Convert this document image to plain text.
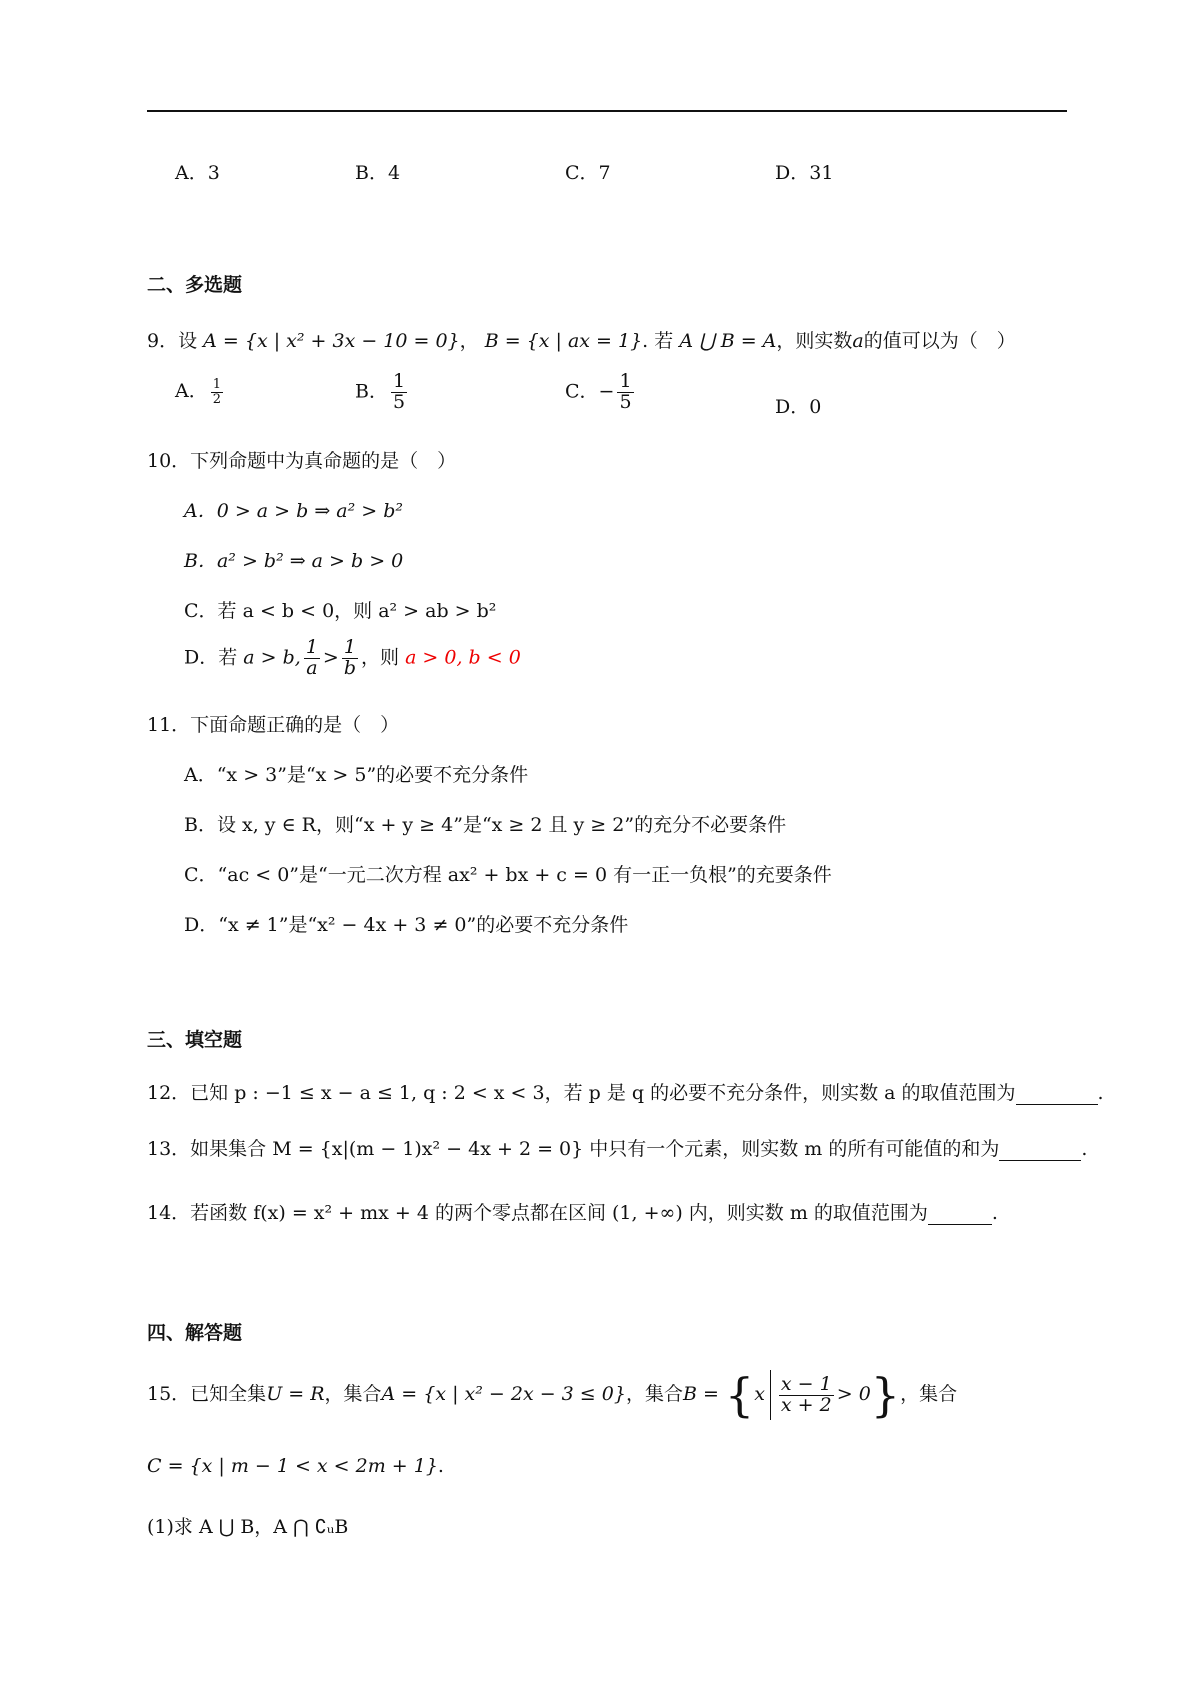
A．3	B．4	C．7	D．31
二、多选题
9．设 A = {x | x² + 3x − 10 = 0}， B = {x | ax = 1}. 若 A ⋃ B = A，则实数a的值可以为（　）
A． $\frac{1}{2}$	B． $\frac{1}{5}$	C．− $\frac{1}{5}$	D．0
10．下列命题中为真命题的是（　）
A．0 > a > b ⇒ a² > b²
B．a² > b² ⇒ a > b > 0
C．若 a < b < 0，则 a² > ab > b²
D．若 a > b, $\frac{1}{a} > \frac{1}{b}$ ，则 a > 0, b < 0
11．下面命题正确的是（　）
A．“x > 3”是“x > 5”的必要不充分条件
B．设 x, y ∈ R，则“x + y ≥ 4”是“x ≥ 2 且 y ≥ 2”的充分不必要条件
C．“ac < 0”是“一元二次方程 ax² + bx + c = 0 有一正一负根”的充要条件
D．“x ≠ 1”是“x² − 4x + 3 ≠ 0”的必要不充分条件
三、填空题
12．已知 p : −1 ≤ x − a ≤ 1, q : 2 < x < 3，若 p 是 q 的必要不充分条件，则实数 a 的取值范围为	.
13．如果集合 M = {x|(m − 1)x² − 4x + 2 = 0} 中只有一个元素，则实数 m 的所有可能值的和为	.
14．若函数 f(x) = x² + mx + 4 的两个零点都在区间 (1, +∞) 内，则实数 m 的取值范围为	.
四、解答题
15．已知全集U = R，集合A = {x | x² − 2x − 3 ≤ 0}，集合$B = \{x \frac{x - 1}{x + 2} > 0\}$，集合
C = {x | m − 1 < x < 2m + 1}.
(1)求 A ⋃ B，A ⋂ ∁ᵤB
